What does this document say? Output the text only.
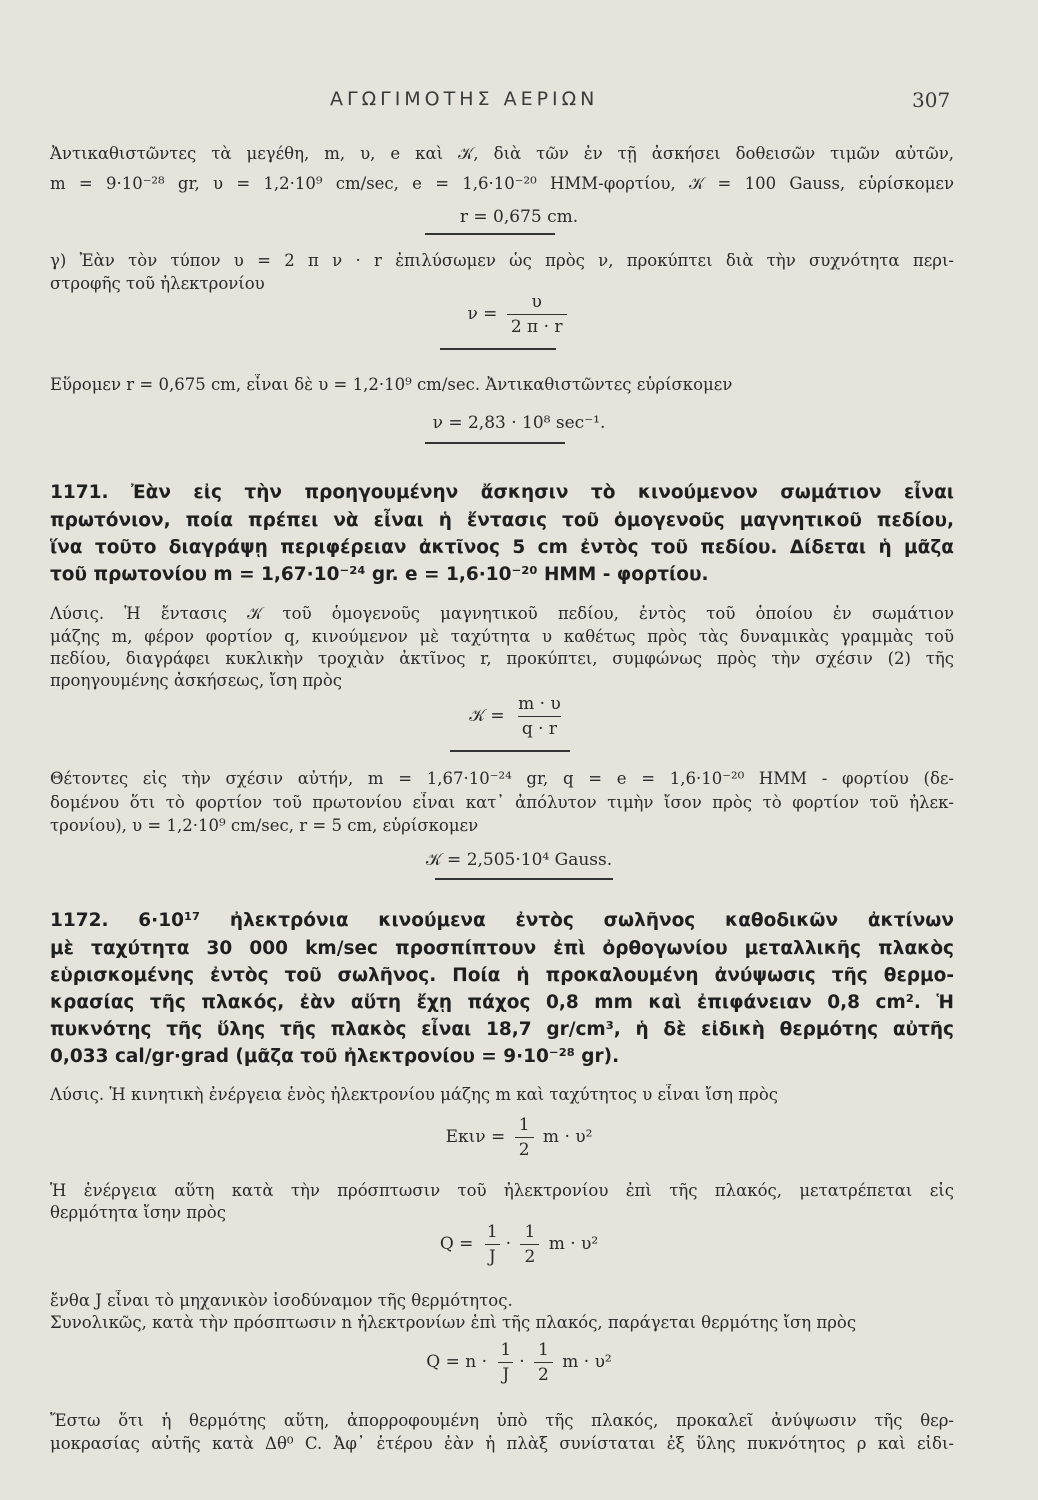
ΑΓΩΓΙΜΟΤΗΣ ΑΕΡΙΩΝ	307
Ἀντικαθιστῶντες τὰ μεγέθη, m, υ, e καὶ 𝒦, διὰ τῶν ἐν τῇ ἀσκήσει δοθεισῶν τιμῶν αὐτῶν,
m = 9·10⁻²⁸ gr, υ = 1,2·10⁹ cm/sec, e = 1,6·10⁻²⁰ ΗΜΜ-φορτίου, 𝒦 = 100 Gauss, εὑρίσκομεν
r = 0,675 cm.
γ) Ἐὰν τὸν τύπον υ = 2 π ν · r ἐπιλύσωμεν ὡς πρὸς ν, προκύπτει διὰ τὴν συχνότητα περι-
στροφῆς τοῦ ἠλεκτρονίου
$\nu = \frac{\upsilon}{2 \pi \cdot r}$
Εὕρομεν r = 0,675 cm, εἶναι δὲ υ = 1,2·10⁹ cm/sec. Ἀντικαθιστῶντες εὑρίσκομεν
ν = 2,83 · 10⁸ sec⁻¹.
1171. Ἐὰν εἰς τὴν προηγουμένην ἄσκησιν τὸ κινούμενον σωμάτιον εἶναι
πρωτόνιον, ποία πρέπει νὰ εἶναι ἡ ἔντασις τοῦ ὁμογενοῦς μαγνητικοῦ πεδίου,
ἵνα τοῦτο διαγράψῃ περιφέρειαν ἀκτῖνος 5 cm ἐντὸς τοῦ πεδίου. Δίδεται ἡ μᾶζα
τοῦ πρωτονίου m = 1,67·10⁻²⁴ gr. e = 1,6·10⁻²⁰ ΗΜΜ - φορτίου.
Λύσις. Ἡ ἔντασις 𝒦 τοῦ ὁμογενοῦς μαγνητικοῦ πεδίου, ἐντὸς τοῦ ὁποίου ἐν σωμάτιον
μάζης m, φέρον φορτίον q, κινούμενον μὲ ταχύτητα υ καθέτως πρὸς τὰς δυναμικὰς γραμμὰς τοῦ
πεδίου, διαγράφει κυκλικὴν τροχιὰν ἀκτῖνος r, προκύπτει, συμφώνως πρὸς τὴν σχέσιν (2) τῆς
προηγουμένης ἀσκήσεως, ἴση πρὸς
𝒦 = $\frac{m \cdot \upsilon}{q \cdot r}$
Θέτοντες εἰς τὴν σχέσιν αὐτήν, m = 1,67·10⁻²⁴ gr, q = e = 1,6·10⁻²⁰ ΗΜΜ - φορτίου (δε-
δομένου ὅτι τὸ φορτίον τοῦ πρωτονίου εἶναι κατ᾽ ἀπόλυτον τιμὴν ἴσον πρὸς τὸ φορτίον τοῦ ἠλεκ-
τρονίου), υ = 1,2·10⁹ cm/sec, r = 5 cm, εὑρίσκομεν
𝒦 = 2,505·10⁴ Gauss.
1172. 6·10¹⁷ ἠλεκτρόνια κινούμενα ἐντὸς σωλῆνος καθοδικῶν ἀκτίνων
μὲ ταχύτητα 30 000 km/sec προσπίπτουν ἐπὶ ὀρθογωνίου μεταλλικῆς πλακὸς
εὑρισκομένης ἐντὸς τοῦ σωλῆνος. Ποία ἡ προκαλουμένη ἀνύψωσις τῆς θερμο-
κρασίας τῆς πλακός, ἐὰν αὕτη ἔχῃ πάχος 0,8 mm καὶ ἐπιφάνειαν 0,8 cm². Ἡ
πυκνότης τῆς ὕλης τῆς πλακὸς εἶναι 18,7 gr/cm³, ἡ δὲ εἰδικὴ θερμότης αὐτῆς
0,033 cal/gr·grad (μᾶζα τοῦ ἠλεκτρονίου = 9·10⁻²⁸ gr).
Λύσις. Ἡ κινητικὴ ἐνέργεια ἑνὸς ἠλεκτρονίου μάζης m καὶ ταχύτητος υ εἶναι ἴση πρὸς
$E\kappa\iota\nu = \frac{1}{2}$ m · υ²
Ἡ ἐνέργεια αὕτη κατὰ τὴν πρόσπτωσιν τοῦ ἠλεκτρονίου ἐπὶ τῆς πλακός, μετατρέπεται εἰς
θερμότητα ἴσην πρὸς
$Q = \frac{1}{J} \cdot \frac{1}{2}$ m · υ²
ἔνθα J εἶναι τὸ μηχανικὸν ἰσοδύναμον τῆς θερμότητος.
Συνολικῶς, κατὰ τὴν πρόσπτωσιν n ἠλεκτρονίων ἐπὶ τῆς πλακός, παράγεται θερμότης ἴση πρὸς
$Q = n \cdot \frac{1}{J} \cdot \frac{1}{2}$ m · υ²
Ἔστω ὅτι ἡ θερμότης αὕτη, ἀπορροφουμένη ὑπὸ τῆς πλακός, προκαλεῖ ἀνύψωσιν τῆς θερ-
μοκρασίας αὐτῆς κατὰ Δθ⁰ C. Ἀφ᾽ ἑτέρου ἐὰν ἡ πλὰξ συνίσταται ἐξ ὕλης πυκνότητος ρ καὶ εἰδι-
